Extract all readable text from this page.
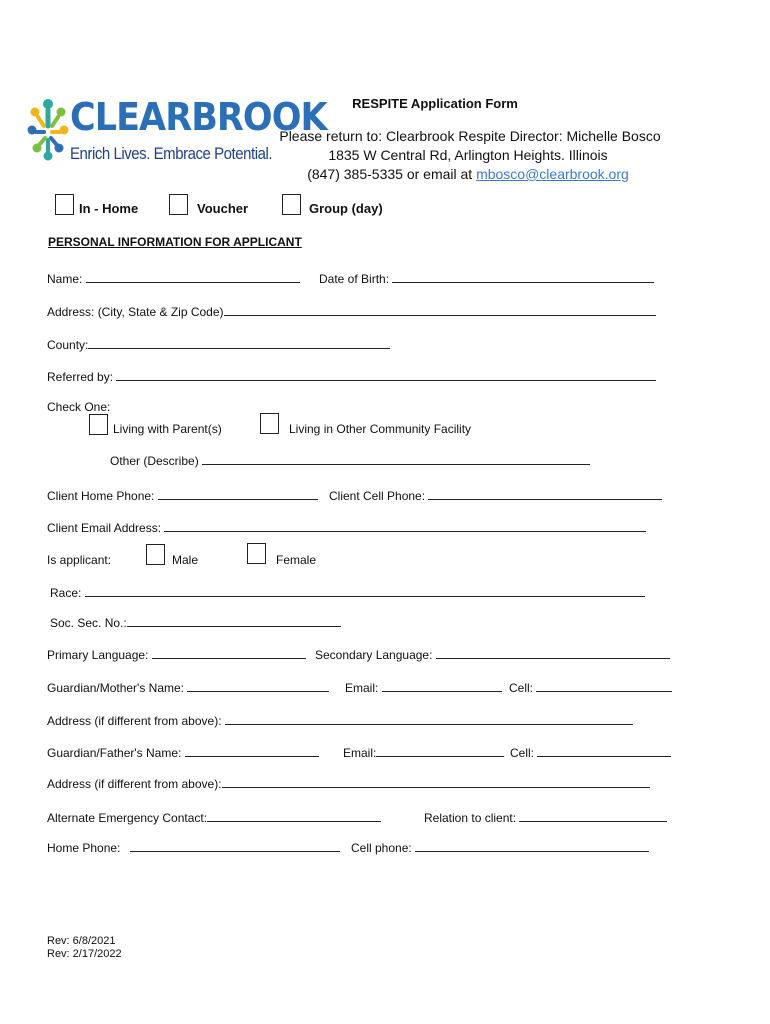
CLEARBROOK
Enrich Lives. Embrace Potential.
RESPITE Application Form
Please return to: Clearbrook Respite Director: Michelle Bosco
1835 W Central Rd, Arlington Heights. Illinois
(847) 385-5335 or email at mbosco@clearbrook.org
In - Home	Voucher	Group (day)
PERSONAL INFORMATION FOR APPLICANT
Name:	Date of Birth:
Address: (City, State & Zip Code)
County:
Referred by:
Check One:
Living with Parent(s)	Living in Other Community Facility
Other (Describe)
Client Home Phone:	Client Cell Phone:
Client Email Address:
Is applicant:	Male	Female
Race:
Soc. Sec. No.:
Primary Language:	Secondary Language:
Guardian/Mother's Name:	Email:	Cell:
Address (if different from above):
Guardian/Father's Name:	Email:	Cell:
Address (if different from above):
Alternate Emergency Contact:	Relation to client:
Home Phone:	Cell phone:
Rev: 6/8/2021
Rev: 2/17/2022
